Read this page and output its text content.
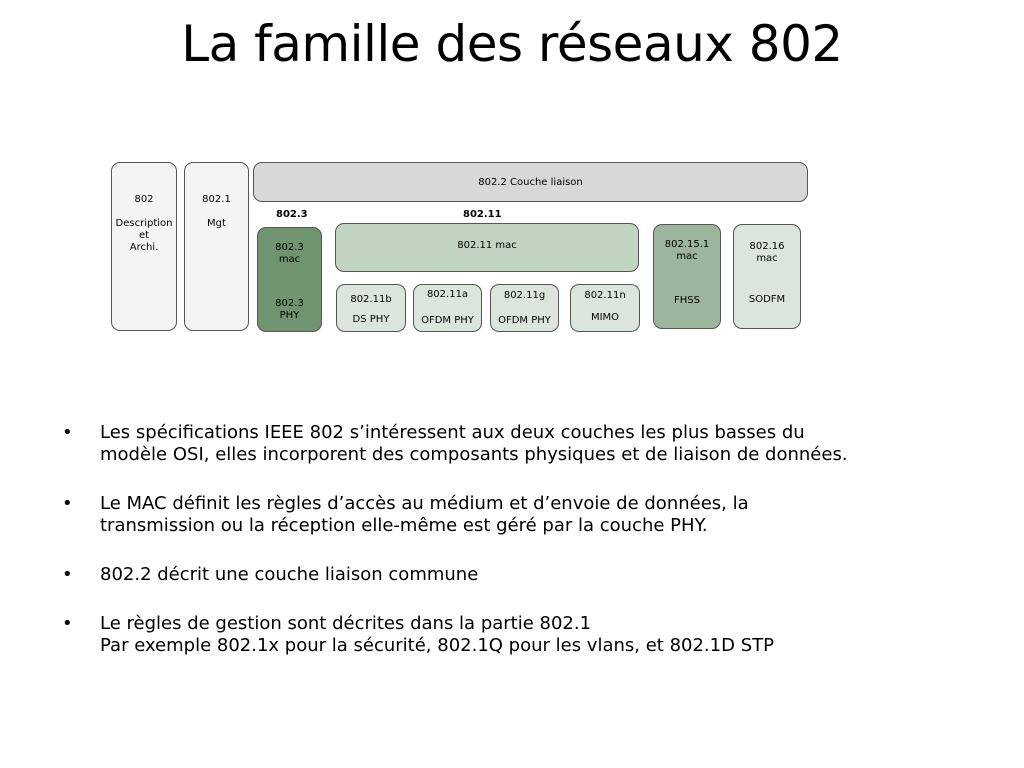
La famille des réseaux 802
802

Description
et
Archi.
802.1

Mgt
802.2 Couche liaison
802.3	802.11
802.3
mac
802.3
PHY
802.11 mac
802.11b
DS PHY
802.11a
OFDM PHY
802.11g
OFDM PHY
802.11n
MIMO
802.15.1
mac
FHSS
802.16
mac
SODFM
• Les spécifications IEEE 802 s’intéressent aux deux couches les plus basses du
modèle OSI, elles incorporent des composants physiques et de liaison de données.
• Le MAC définit les règles d’accès au médium et d’envoie de données, la
transmission ou la réception elle-même est géré par la couche PHY.
• 802.2 décrit une couche liaison commune
• Le règles de gestion sont décrites dans la partie 802.1
Par exemple 802.1x pour la sécurité, 802.1Q pour les vlans, et 802.1D STP
